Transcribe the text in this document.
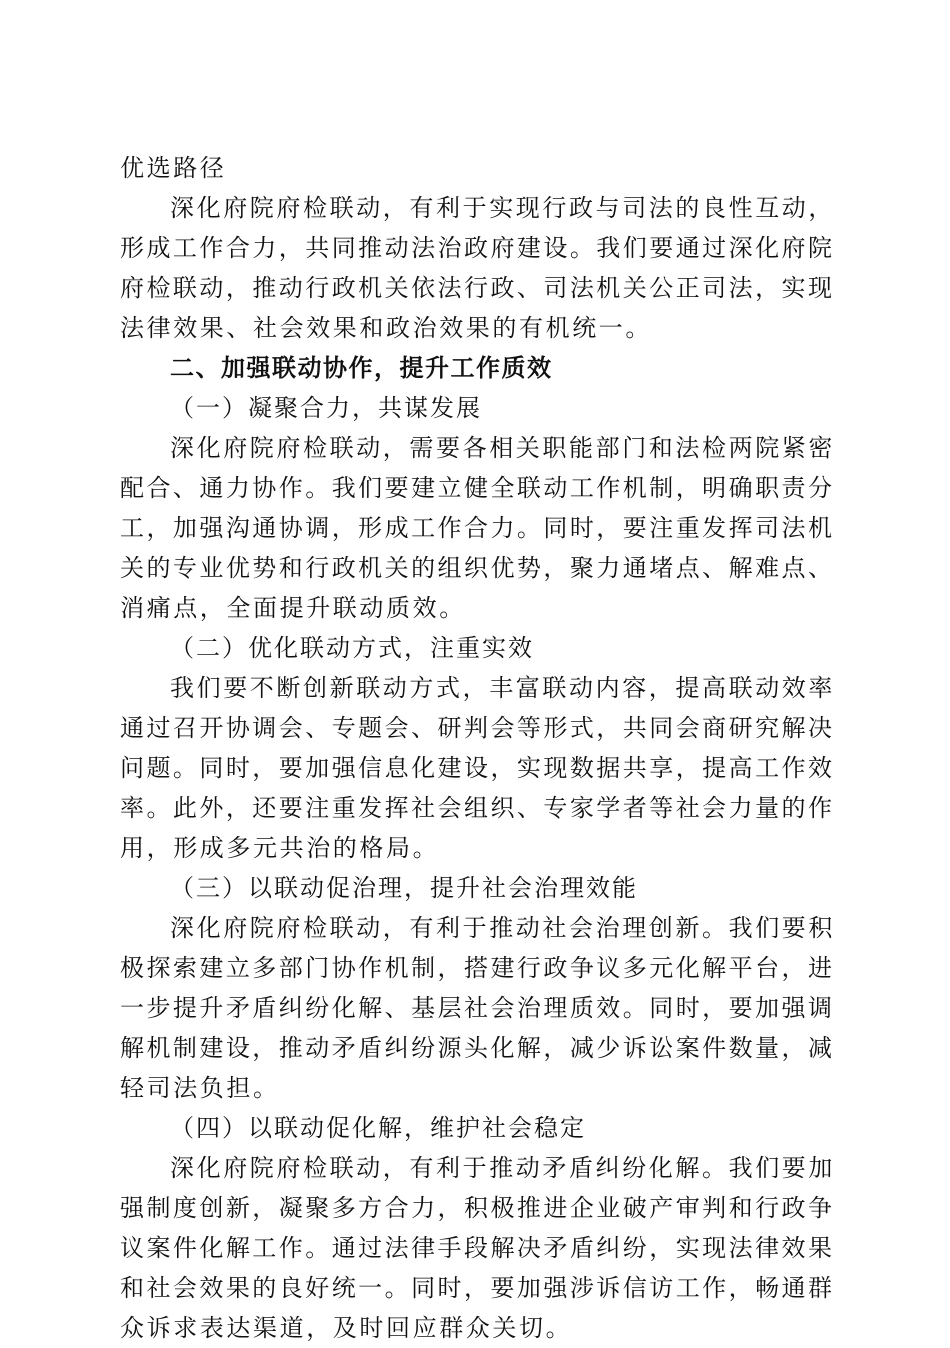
优选路径
深化府院府检联动，有利于实现行政与司法的良性互动，
形成工作合力，共同推动法治政府建设。我们要通过深化府院
府检联动，推动行政机关依法行政、司法机关公正司法，实现
法律效果、社会效果和政治效果的有机统一。
二、加强联动协作，提升工作质效
（一）凝聚合力，共谋发展
深化府院府检联动，需要各相关职能部门和法检两院紧密
配合、通力协作。我们要建立健全联动工作机制，明确职责分
工，加强沟通协调，形成工作合力。同时，要注重发挥司法机
关的专业优势和行政机关的组织优势，聚力通堵点、解难点、
消痛点，全面提升联动质效。
（二）优化联动方式，注重实效
我们要不断创新联动方式，丰富联动内容，提高联动效率
通过召开协调会、专题会、研判会等形式，共同会商研究解决
问题。同时，要加强信息化建设，实现数据共享，提高工作效
率。此外，还要注重发挥社会组织、专家学者等社会力量的作
用，形成多元共治的格局。
（三）以联动促治理，提升社会治理效能
深化府院府检联动，有利于推动社会治理创新。我们要积
极探索建立多部门协作机制，搭建行政争议多元化解平台，进
一步提升矛盾纠纷化解、基层社会治理质效。同时，要加强调
解机制建设，推动矛盾纠纷源头化解，减少诉讼案件数量，减
轻司法负担。
（四）以联动促化解，维护社会稳定
深化府院府检联动，有利于推动矛盾纠纷化解。我们要加
强制度创新，凝聚多方合力，积极推进企业破产审判和行政争
议案件化解工作。通过法律手段解决矛盾纠纷，实现法律效果
和社会效果的良好统一。同时，要加强涉诉信访工作，畅通群
众诉求表达渠道，及时回应群众关切。
